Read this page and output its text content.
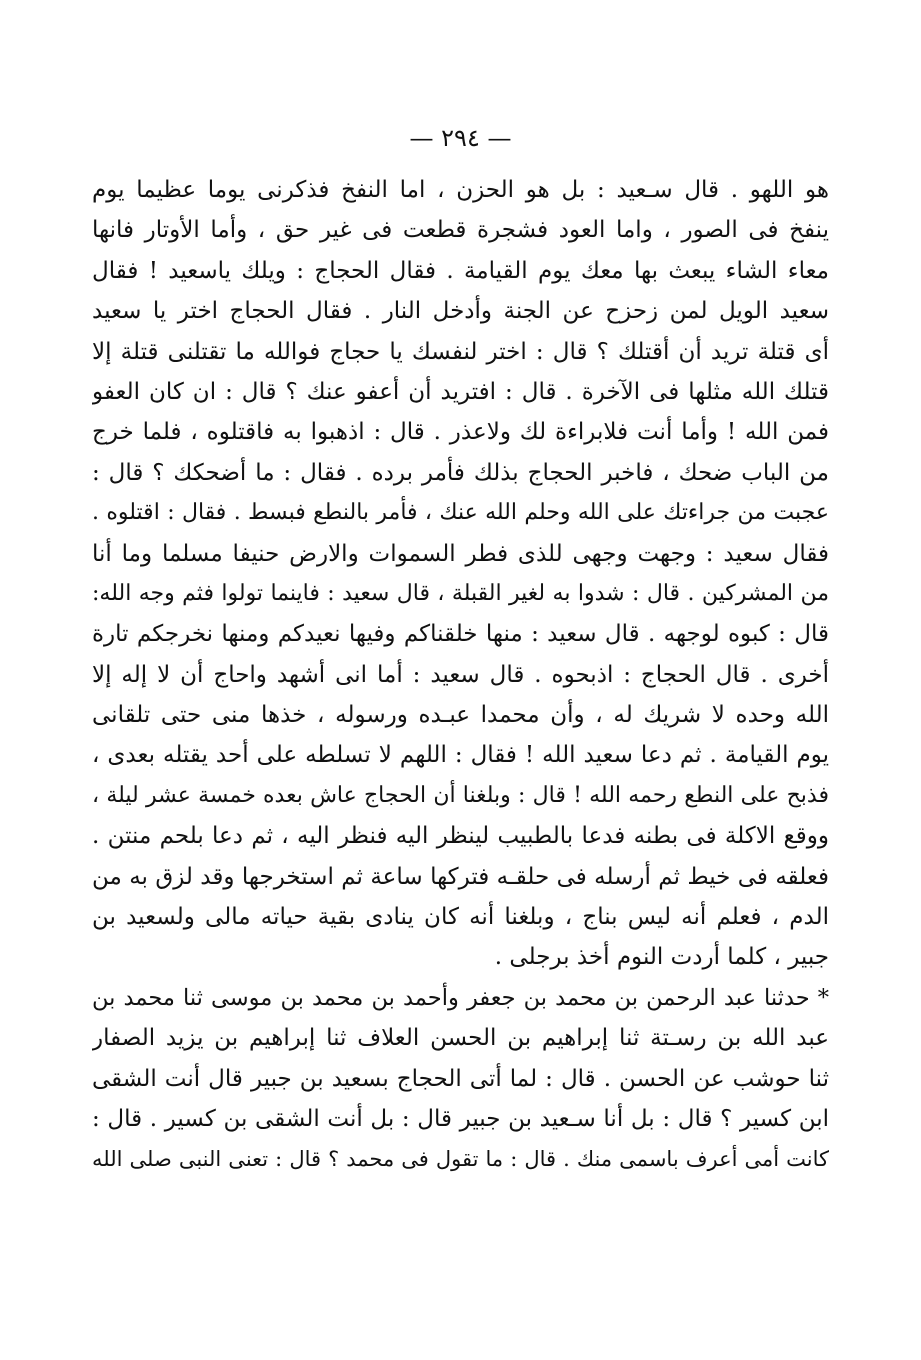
— ٢٩٤ —
هو اللهو . قال سـعيد : بل هو الحزن ، اما النفخ فذكرنى يوما عظيما يوم
ينفخ فى الصور ، واما العود فشجرة قطعت فى غير حق ، وأما الأوتار فانها
معاء الشاء يبعث بها معك يوم القيامة . فقال الحجاج : ويلك ياسعيد ! فقال
سعيد الويل لمن زحزح عن الجنة وأدخل النار . فقال الحجاج اختر يا سعيد
أى قتلة تريد أن أقتلك ؟ قال : اختر لنفسك يا حجاج فوالله ما تقتلنى قتلة إلا
قتلك الله مثلها فى الآخرة . قال : افتريد أن أعفو عنك ؟ قال : ان كان العفو
فمن الله ! وأما أنت فلابراءة لك ولاعذر . قال : اذهبوا به فاقتلوه ، فلما خرج
من الباب ضحك ، فاخبر الحجاج بذلك فأمر برده . فقال : ما أضحكك ؟ قال :
عجبت من جراءتك على الله وحلم الله عنك ، فأمر بالنطع فبسط . فقال : اقتلوه .
فقال سعيد : وجهت وجهى للذى فطر السموات والارض حنيفا مسلما وما أنا
من المشركين . قال : شدوا به لغير القبلة ، قال سعيد : فاينما تولوا فثم وجه الله:
قال : كبوه لوجهه . قال سعيد : منها خلقناكم وفيها نعيدكم ومنها نخرجكم تارة
أخرى . قال الحجاج : اذبحوه . قال سعيد : أما انى أشهد واحاج أن لا إله إلا
الله وحده لا شريك له ، وأن محمدا عبـده ورسوله ، خذها منى حتى تلقانى
يوم القيامة . ثم دعا سعيد الله ! فقال : اللهم لا تسلطه على أحد يقتله بعدى ،
فذبح على النطع رحمه الله ! قال : وبلغنا أن الحجاج عاش بعده خمسة عشر ليلة ،
ووقع الاكلة فى بطنه فدعا بالطبيب لينظر اليه فنظر اليه ، ثم دعا بلحم منتن .
فعلقه فى خيط ثم أرسله فى حلقـه فتركها ساعة ثم استخرجها وقد لزق به من
الدم ، فعلم أنه ليس بناج ، وبلغنا أنه كان ينادى بقية حياته مالى ولسعيد بن
جبير ، كلما أردت النوم أخذ برجلى .
* حدثنا عبد الرحمن بن محمد بن جعفر وأحمد بن محمد بن موسى ثنا محمد بن
عبد الله بن رسـتة ثنا إبراهيم بن الحسن العلاف ثنا إبراهيم بن يزيد الصفار
ثنا حوشب عن الحسن . قال : لما أتى الحجاج بسعيد بن جبير قال أنت الشقى
ابن كسير ؟ قال : بل أنا سـعيد بن جبير قال : بل أنت الشقى بن كسير . قال :
كانت أمى أعرف باسمى منك . قال : ما تقول فى محمد ؟ قال : تعنى النبى صلى الله
